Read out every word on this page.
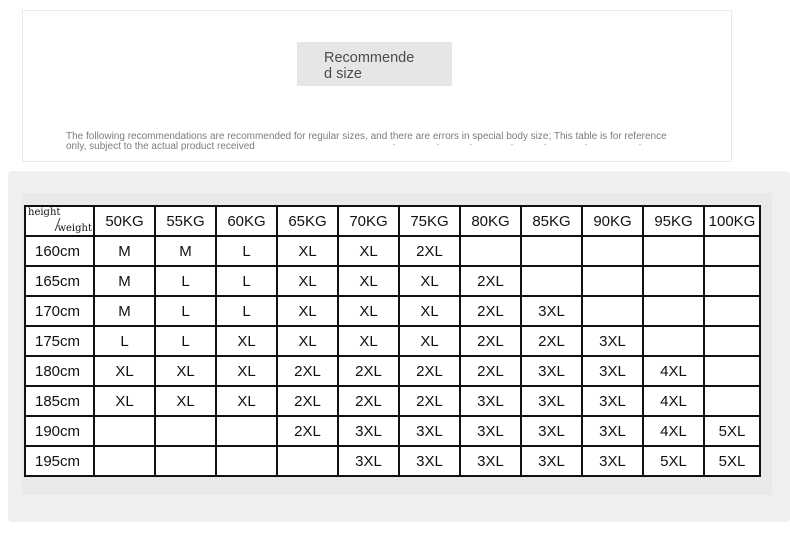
Recommende
d size

The following recommendations are recommended for regular sizes, and there are errors in special body size; This table is for reference only, subject to the actual product received

height
weight	50KG	55KG	60KG	65KG	70KG	75KG	80KG	85KG	90KG	95KG	100KG
160cm	M	M	L	XL	XL	2XL					
165cm	M	L	L	XL	XL	XL	2XL				
170cm	M	L	L	XL	XL	XL	2XL	3XL			
175cm	L	L	XL	XL	XL	XL	2XL	2XL	3XL		
180cm	XL	XL	XL	2XL	2XL	2XL	2XL	3XL	3XL	4XL	
185cm	XL	XL	XL	2XL	2XL	2XL	3XL	3XL	3XL	4XL	
190cm				2XL	3XL	3XL	3XL	3XL	3XL	4XL	5XL
195cm					3XL	3XL	3XL	3XL	3XL	5XL	5XL
